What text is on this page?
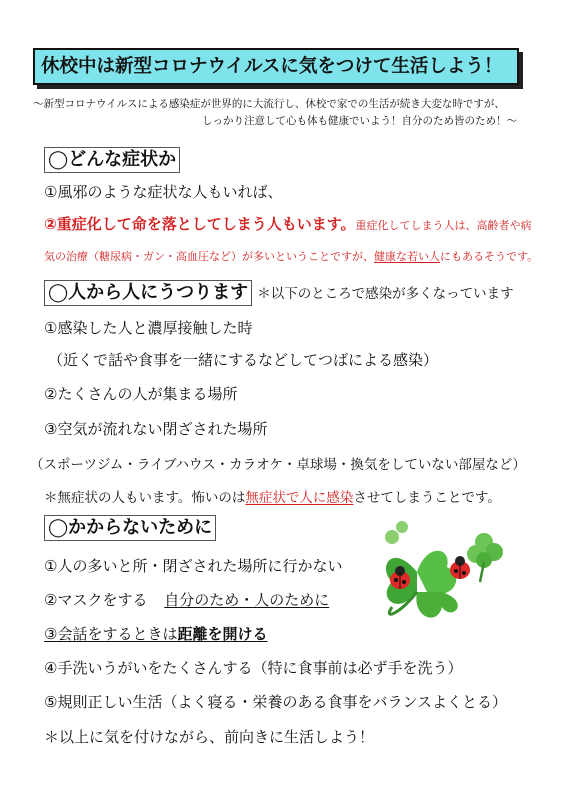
休校中は新型コロナウイルスに気をつけて生活しよう！
〜新型コロナウイルスによる感染症が世界的に大流行し、休校で家での生活が続き大変な時ですが、
しっかり注意して心も体も健康でいよう！自分のため皆のため！〜
◯どんな症状か
①風邪のような症状な人もいれば、
②重症化して命を落としてしまう人もいます。重症化してしまう人は、高齢者や病
気の治療（糖尿病・ガン・高血圧など）が多いということですが、健康な若い人にもあるそうです。
◯人から人にうつります ＊以下のところで感染が多くなっています
①感染した人と濃厚接触した時
（近くで話や食事を一緒にするなどしてつばによる感染）
②たくさんの人が集まる場所
③空気が流れない閉ざされた場所
（スポーツジム・ライブハウス・カラオケ・卓球場・換気をしていない部屋など）
＊無症状の人もいます。怖いのは無症状で人に感染させてしまうことです。
◯かからないために
①人の多いと所・閉ざされた場所に行かない
②マスクをする 自分のため・人のために
③会話をするときは距離を開ける
④手洗いうがいをたくさんする（特に食事前は必ず手を洗う）
⑤規則正しい生活（よく寝る・栄養のある食事をバランスよくとる）
＊以上に気を付けながら、前向きに生活しよう！
